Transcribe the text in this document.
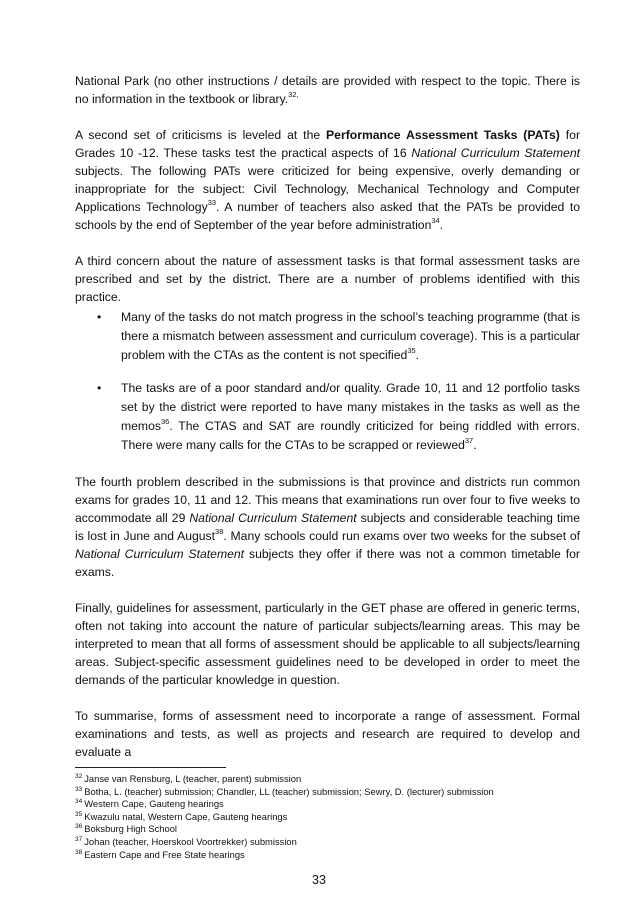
National Park (no other instructions / details are provided with respect to the topic. There is no information in the textbook or library.$^{32,}$

A second set of criticisms is leveled at the Performance Assessment Tasks (PATs) for Grades 10 -12. These tasks test the practical aspects of 16 National Curriculum Statement subjects. The following PATs were criticized for being expensive, overly demanding or inappropriate for the subject: Civil Technology, Mechanical Technology and Computer Applications Technology$^{33}$. A number of teachers also asked that the PATs be provided to schools by the end of September of the year before administration$^{34}$.

A third concern about the nature of assessment tasks is that formal assessment tasks are prescribed and set by the district. There are a number of problems identified with this practice.

• Many of the tasks do not match progress in the school’s teaching programme (that is there a mismatch between assessment and curriculum coverage). This is a particular problem with the CTAs as the content is not specified$^{35}$.
• The tasks are of a poor standard and/or quality. Grade 10, 11 and 12 portfolio tasks set by the district were reported to have many mistakes in the tasks as well as the memos$^{36}$. The CTAS and SAT are roundly criticized for being riddled with errors. There were many calls for the CTAs to be scrapped or reviewed$^{37}$.

The fourth problem described in the submissions is that province and districts run common exams for grades 10, 11 and 12. This means that examinations run over four to five weeks to accommodate all 29 National Curriculum Statement subjects and considerable teaching time is lost in June and August$^{38}$. Many schools could run exams over two weeks for the subset of National Curriculum Statement subjects they offer if there was not a common timetable for exams.

Finally, guidelines for assessment, particularly in the GET phase are offered in generic terms, often not taking into account the nature of particular subjects/learning areas. This may be interpreted to mean that all forms of assessment should be applicable to all subjects/learning areas. Subject-specific assessment guidelines need to be developed in order to meet the demands of the particular knowledge in question.

To summarise, forms of assessment need to incorporate a range of assessment. Formal examinations and tests, as well as projects and research are required to develop and evaluate a

$^{32}$ Janse van Rensburg, L (teacher, parent) submission
$^{33}$ Botha, L. (teacher) submission; Chandler, LL (teacher) submission; Sewry, D. (lecturer) submission
$^{34}$ Western Cape, Gauteng hearings
$^{35}$ Kwazulu natal, Western Cape, Gauteng hearings
$^{36}$ Boksburg High School
$^{37}$ Johan (teacher, Hoerskool Voortrekker) submission
$^{38}$ Eastern Cape and Free State hearings
33
